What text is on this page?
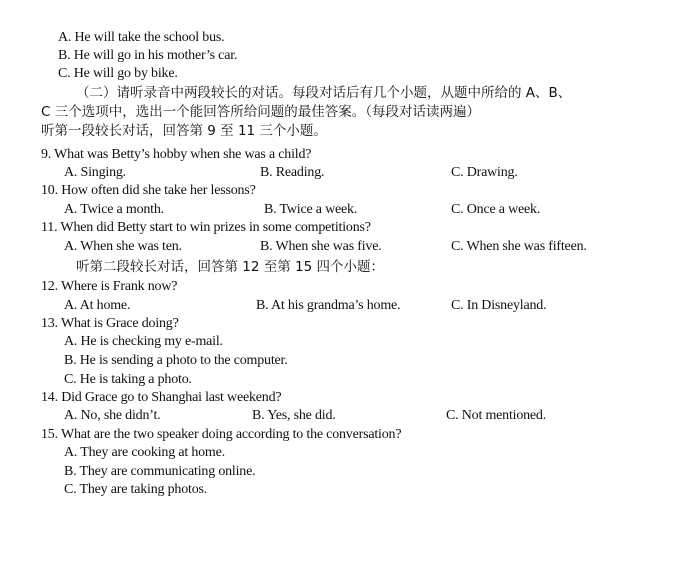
A. He will take the school bus.
B. He will go in his mother’s car.
C. He will go by bike.
（二）请听录音中两段较长的对话。每段对话后有几个小题，从题中所给的 A、B、
C 三个选项中，选出一个能回答所给问题的最佳答案。（每段对话读两遍）
听第一段较长对话，回答第 9 至 11 三个小题。
9. What was Betty’s hobby when she was a child?
A. Singing.	B. Reading.	C. Drawing.
10. How often did she take her lessons?
A. Twice a month.	B. Twice a week.	C. Once a week.
11. When did Betty start to win prizes in some competitions?
A. When she was ten.	B. When she was five.	C. When she was fifteen.
听第二段较长对话，回答第 12 至第 15 四个小题：
12. Where is Frank now?
A. At home.	B. At his grandma’s home.	C. In Disneyland.
13. What is Grace doing?
A. He is checking my e-mail.
B. He is sending a photo to the computer.
C. He is taking a photo.
14. Did Grace go to Shanghai last weekend?
A. No, she didn’t.	B. Yes, she did.	C. Not mentioned.
15. What are the two speaker doing according to the conversation?
A. They are cooking at home.
B. They are communicating online.
C. They are taking photos.
